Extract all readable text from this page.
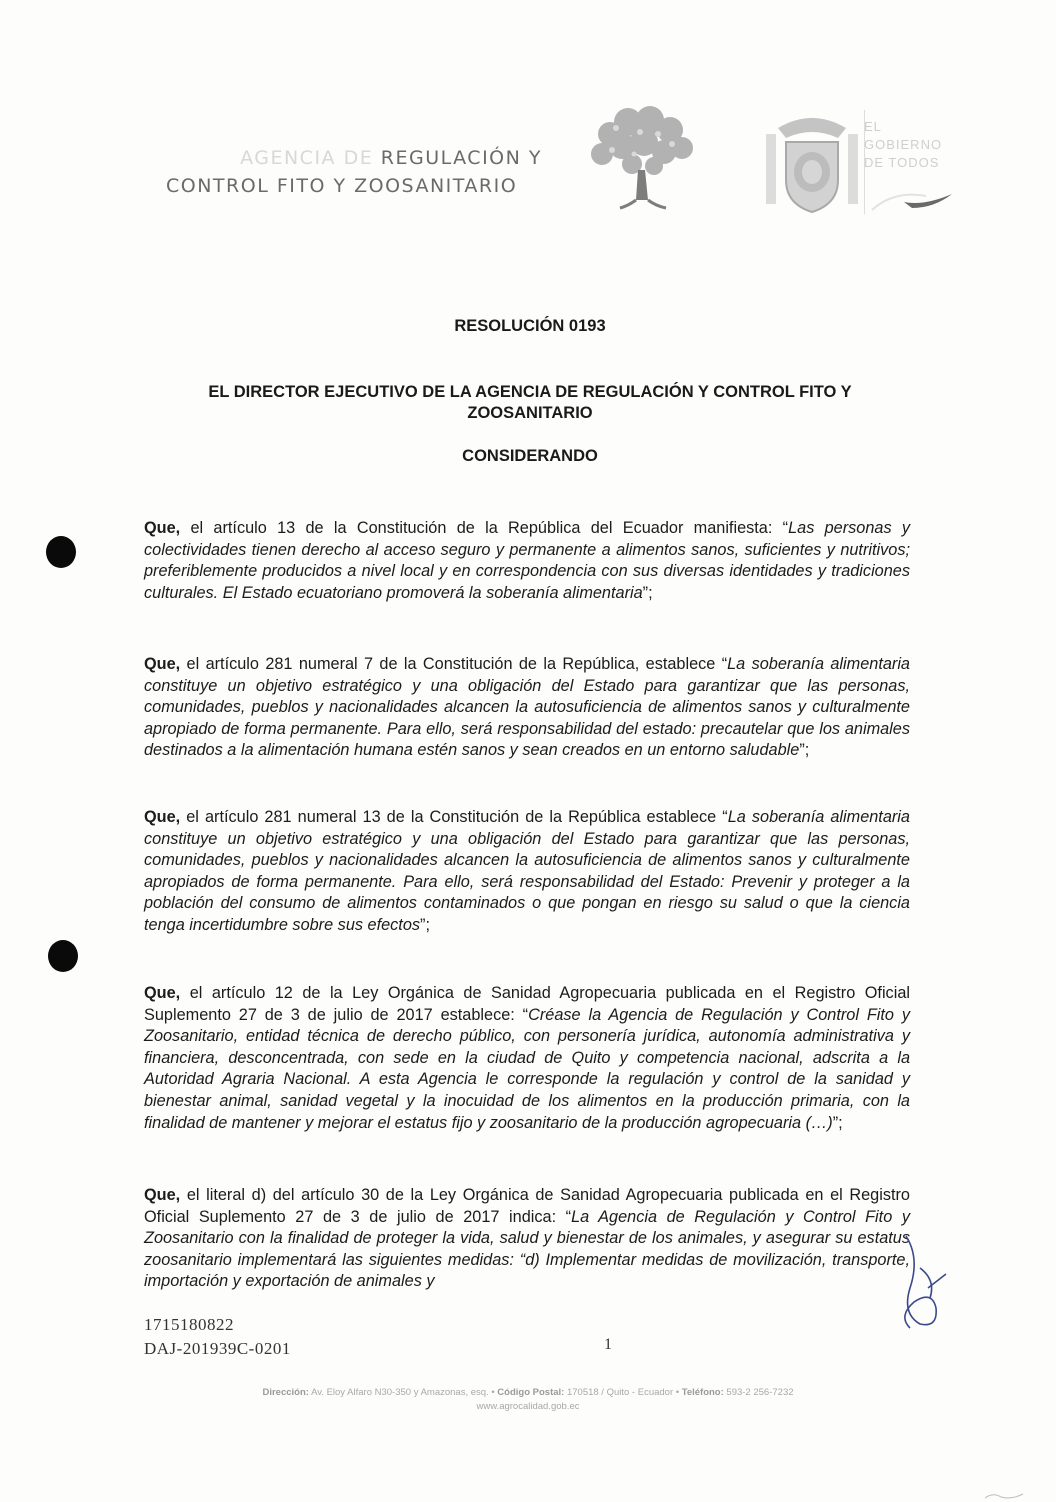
AGENCIA DE REGULACIÓN Y
CONTROL FITO Y ZOOSANITARIO
EL
GOBIERNO
DE TODOS
RESOLUCIÓN 0193
EL DIRECTOR EJECUTIVO DE LA AGENCIA DE REGULACIÓN Y CONTROL FITO Y
ZOOSANITARIO
CONSIDERANDO
Que, el artículo 13 de la Constitución de la República del Ecuador manifiesta: “Las personas y colectividades tienen derecho al acceso seguro y permanente a alimentos sanos, suficientes y nutritivos; preferiblemente producidos a nivel local y en correspondencia con sus diversas identidades y tradiciones culturales. El Estado ecuatoriano promoverá la soberanía alimentaria”;
Que, el artículo 281 numeral 7 de la Constitución de la República, establece “La soberanía alimentaria constituye un objetivo estratégico y una obligación del Estado para garantizar que las personas, comunidades, pueblos y nacionalidades alcancen la autosuficiencia de alimentos sanos y culturalmente apropiado de forma permanente. Para ello, será responsabilidad del estado: precautelar que los animales destinados a la alimentación humana estén sanos y sean creados en un entorno saludable”;
Que, el artículo 281 numeral 13 de la Constitución de la República establece “La soberanía alimentaria constituye un objetivo estratégico y una obligación del Estado para garantizar que las personas, comunidades, pueblos y nacionalidades alcancen la autosuficiencia de alimentos sanos y culturalmente apropiados de forma permanente. Para ello, será responsabilidad del Estado: Prevenir y proteger a la población del consumo de alimentos contaminados o que pongan en riesgo su salud o que la ciencia tenga incertidumbre sobre sus efectos”;
Que, el artículo 12 de la Ley Orgánica de Sanidad Agropecuaria publicada en el Registro Oficial Suplemento 27 de 3 de julio de 2017 establece: “Créase la Agencia de Regulación y Control Fito y Zoosanitario, entidad técnica de derecho público, con personería jurídica, autonomía administrativa y financiera, desconcentrada, con sede en la ciudad de Quito y competencia nacional, adscrita a la Autoridad Agraria Nacional. A esta Agencia le corresponde la regulación y control de la sanidad y bienestar animal, sanidad vegetal y la inocuidad de los alimentos en la producción primaria, con la finalidad de mantener y mejorar el estatus fijo y zoosanitario de la producción agropecuaria (…)”;
Que, el literal d) del artículo 30 de la Ley Orgánica de Sanidad Agropecuaria publicada en el Registro Oficial Suplemento 27 de 3 de julio de 2017 indica: “La Agencia de Regulación y Control Fito y Zoosanitario con la finalidad de proteger la vida, salud y bienestar de los animales, y asegurar su estatus zoosanitario implementará las siguientes medidas: “d) Implementar medidas de movilización, transporte, importación y exportación de animales y
1715180822
DAJ-201939C-0201	1
Dirección: Av. Eloy Alfaro N30-350 y Amazonas, esq. • Código Postal: 170518 / Quito - Ecuador • Teléfono: 593-2 256-7232
www.agrocalidad.gob.ec
